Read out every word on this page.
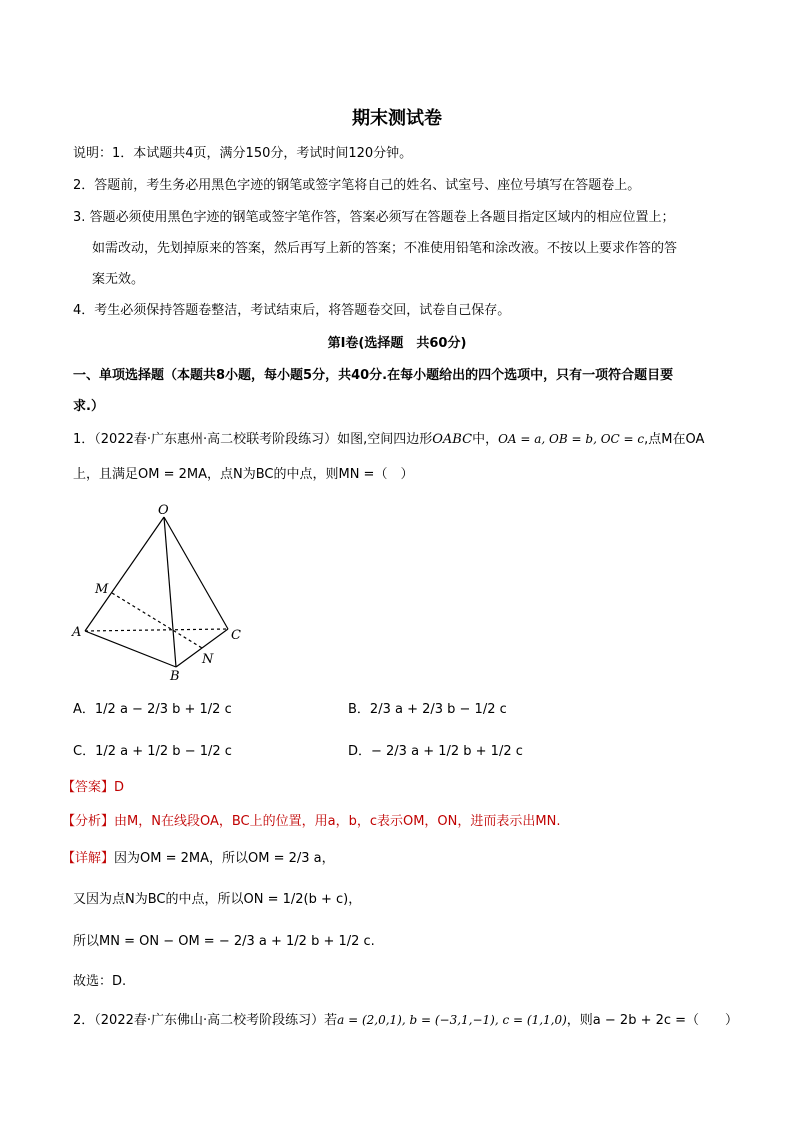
期末测试卷
说明：1．本试题共4页，满分150分，考试时间120分钟。
2．答题前，考生务必用黑色字迹的钢笔或签字笔将自己的姓名、试室号、座位号填写在答题卷上。
3. 答题必须使用黑色字迹的钢笔或签字笔作答，答案必须写在答题卷上各题目指定区域内的相应位置上；
如需改动，先划掉原来的答案，然后再写上新的答案；不准使用铅笔和涂改液。不按以上要求作答的答
案无效。
4．考生必须保持答题卷整洁，考试结束后，将答题卷交回，试卷自己保存。
第I卷(选择题　共60分)
一、单项选择题（本题共8小题，每小题5分，共40分.在每小题给出的四个选项中，只有一项符合题目要
求.）
1．（2022春·广东惠州·高二校联考阶段练习）如图,空间四边形OABC中，OA = a, OB = b, OC = c,点M在OA
上，且满足OM = 2MA，点N为BC的中点，则MN =（　）
O
M
A	C
N
B
A．1/2 a − 2/3 b + 1/2 c	B．2/3 a + 2/3 b − 1/2 c
C．1/2 a + 1/2 b − 1/2 c	D．− 2/3 a + 1/2 b + 1/2 c
【答案】D
【分析】由M，N在线段OA，BC上的位置，用a，b，c表示OM，ON，进而表示出MN.
【详解】因为OM = 2MA，所以OM = 2/3 a，
又因为点N为BC的中点，所以ON = 1/2(b + c)，
所以MN = ON − OM = − 2/3 a + 1/2 b + 1/2 c.
故选：D.
2．（2022春·广东佛山·高二校考阶段练习）若a = (2,0,1), b = (−3,1,−1), c = (1,1,0)，则a − 2b + 2c =（　　）
